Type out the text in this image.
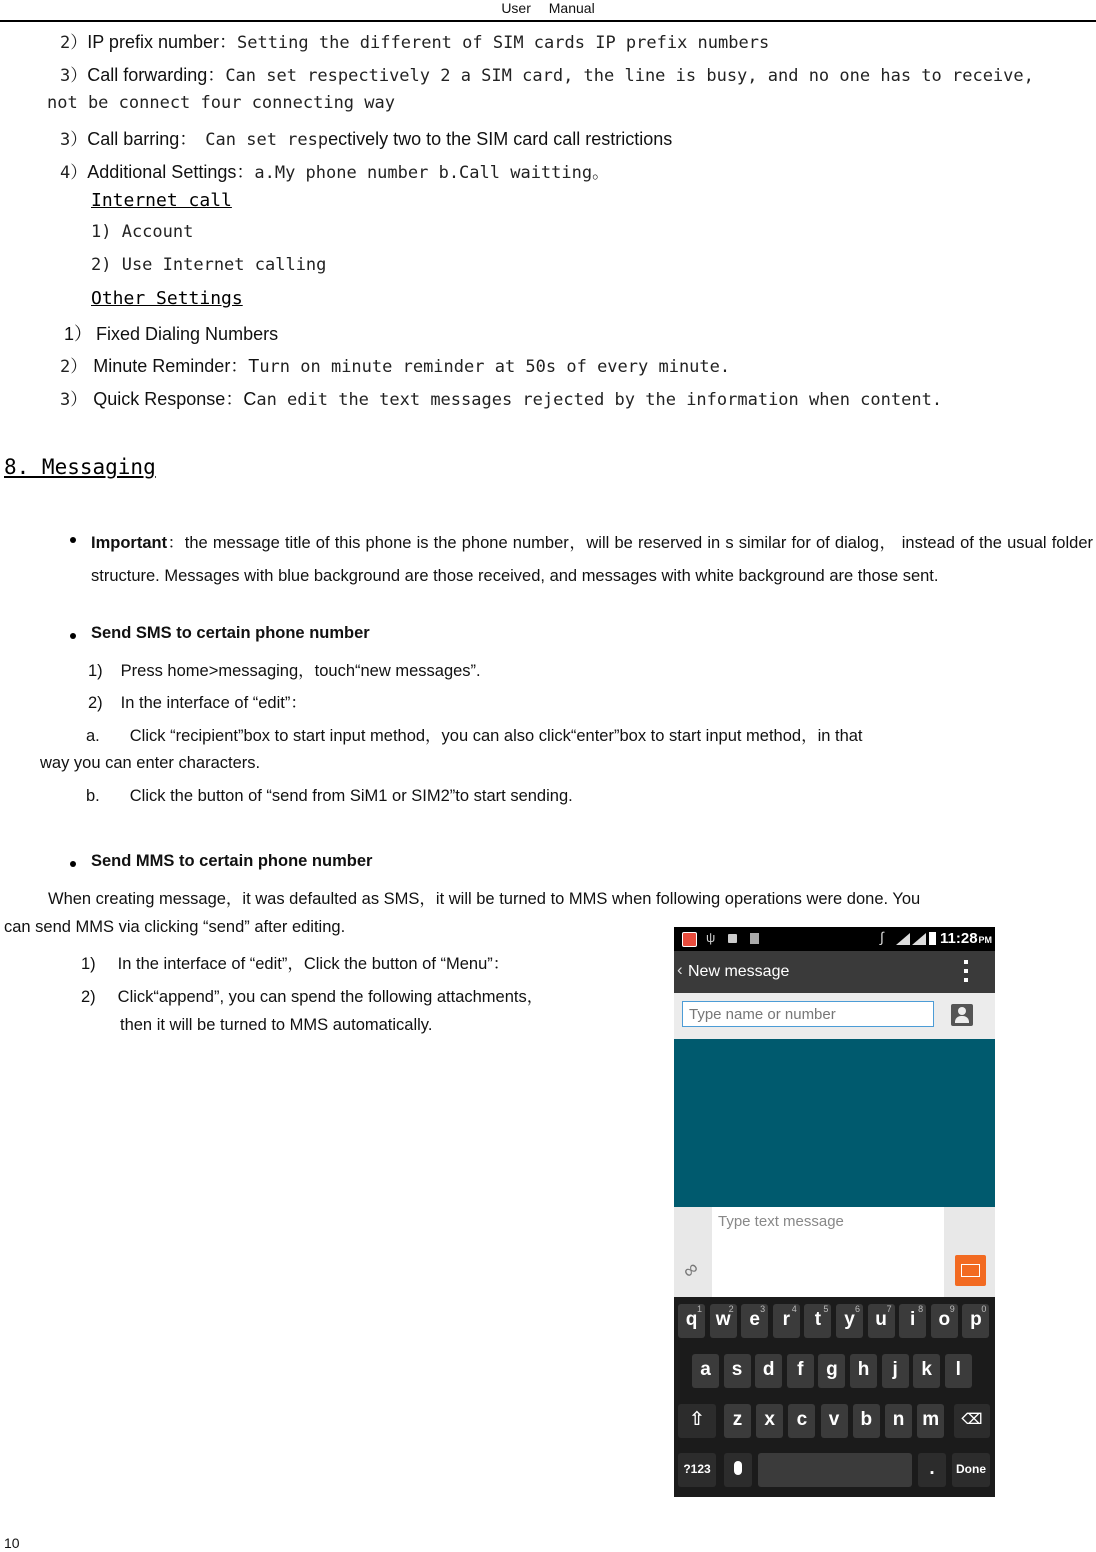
User　 Manual
2）IP prefix number：Setting the different of SIM cards IP prefix numbers
3）Call forwarding：Can set respectively 2 a SIM card, the line is busy, and no one has to receive,
not be connect four connecting way
3）Call barring： Can set respectively two to the SIM card call restrictions
4）Additional Settings：a.My phone number b.Call waitting。
Internet call
1) Account
2) Use Internet calling
Other Settings
1） Fixed Dialing Numbers
2） Minute Reminder：Turn on minute reminder at 50s of every minute.
3） Quick Response：Can edit the text messages rejected by the information when content.
8. Messaging
Important：the message title of this phone is the phone number，will be reserved in s similar for of dialog， instead of the usual folder structure. Messages with blue background are those received, and messages with white background are those sent.
Send SMS to certain phone number
1) Press home>messaging，touch“new messages”.
2) In the interface of “edit”：
a. Click “recipient”box to start input method，you can also click“enter”box to start input method，in that
way you can enter characters.
b. Click the button of “send from SiM1 or SIM2”to start sending.
Send MMS to certain phone number
When creating message，it was defaulted as SMS，it will be turned to MMS when following operations were done. You
can send MMS via clicking “send” after editing.
1) In the interface of “edit”，Click the button of “Menu”：
2) Click“append”, you can spend the following attachments，
then it will be turned to MMS automatically.
ψ	∫	11:28PM
‹ New message
Type name or number
∞
Type text message
1
q	2
w	3
e	4
r	5
t	6
y	7
u	8
i	9
o	0
p
a	s	d	f	g	h	j	k	l
z	x	c	v	b	n m
⇧	⌫
?123	.	Done
10
